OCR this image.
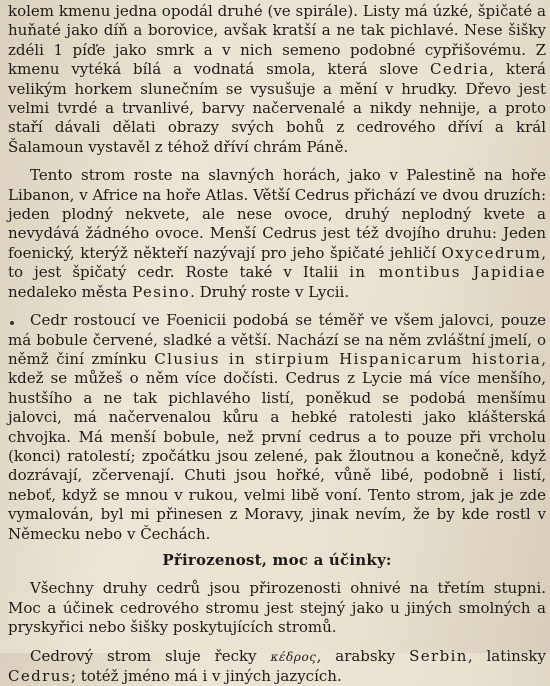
kolem kmenu jedna opodál druhé (ve spirále). Listy má úzké, špičaté a huňaté jako díň a borovice, avšak kratší a ne tak pichlavé. Nese šišky zdéli 1 píďe jako smrk a v nich semeno podobné cypřišovému. Z kmenu vytéká bílá a vodnatá smola, která slove Cedria, která velikým horkem slunečním se vysušuje a mění v hrudky. Dřevo jest velmi tvrdé a trvanlivé, barvy načervenalé a nikdy nehnije, a proto staří dávali dělati obrazy svých bohů z cedrového dříví a král Šalamoun vystavěl z téhož dříví chrám Páně.

Tento strom roste na slavných horách, jako v Palestině na hoře Libanon, v Africe na hoře Atlas. Větší Cedrus přichází ve dvou druzích: jeden plodný nekvete, ale nese ovoce, druhý neplodný kvete a nevydává žádného ovoce. Menší Cedrus jest též dvojího druhu: Jeden foenický, kterýž někteří nazývají pro jeho špičaté jehličí Oxycedrum, to jest špičatý cedr. Roste také v Italii in montibus Japidiae nedaleko města Pesino. Druhý roste v Lycii.

Cedr rostoucí ve Foenicii podobá se téměř ve všem jalovci, pouze má bobule červené, sladké a větší. Nachází se na něm zvláštní jmelí, o němž činí zmínku Clusius in stirpium Hispanicarum historia, kdež se můžeš o něm více dočísti. Cedrus z Lycie má více menšího, hustšího a ne tak pichlavého listí, poněkud se podobá menšímu jalovci, má načervenalou kůru a hebké ratolesti jako klášterská chvojka. Má menší bobule, než první cedrus a to pouze při vrcholu (konci) ratolestí; zpočátku jsou zelené, pak žloutnou a konečně, když dozrávají, zčervenají. Chuti jsou hořké, vůně libé, podobně i listí, neboť, když se mnou v rukou, velmi libě voní. Tento strom, jak je zde vymalován, byl mi přinesen z Moravy, jinak nevím, že by kde rostl v Německu nebo v Čechách.

Přirozenost, moc a účinky:

Všechny druhy cedrů jsou přirozenosti ohnivé na třetím stupni. Moc a účinek cedrového stromu jest stejný jako u jiných smolných a pryskyřici nebo šišky poskytujících stromů.

Cedrový strom sluje řecky κέδρος, arabsky Serbin, latinsky Cedrus; totéž jméno má i v jiných jazycích.
